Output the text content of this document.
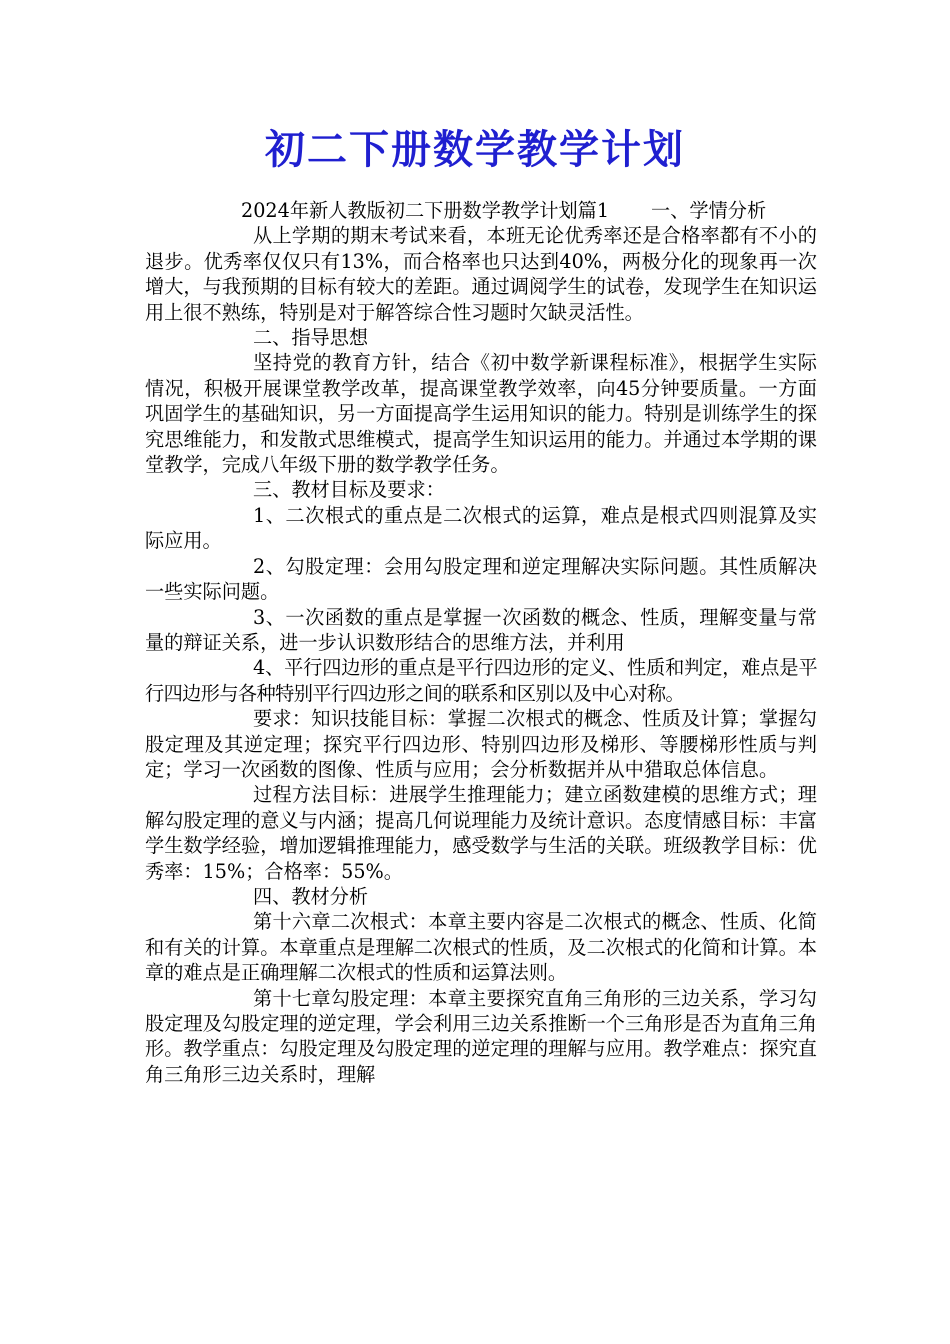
初二下册数学教学计划

2024年新人教版初二下册数学教学计划篇1 一、学情分析

从上学期的期末考试来看，本班无论优秀率还是合格率都有不小的退步。优秀率仅仅只有13%，而合格率也只达到40%，两极分化的现象再一次增大，与我预期的目标有较大的差距。通过调阅学生的试卷，发现学生在知识运用上很不熟练，特别是对于解答综合性习题时欠缺灵活性。

二、指导思想

坚持党的教育方针，结合《初中数学新课程标准》，根据学生实际情况，积极开展课堂教学改革，提高课堂教学效率，向45分钟要质量。一方面巩固学生的基础知识，另一方面提高学生运用知识的能力。特别是训练学生的探究思维能力，和发散式思维模式，提高学生知识运用的能力。并通过本学期的课堂教学，完成八年级下册的数学教学任务。

三、教材目标及要求：

1、二次根式的重点是二次根式的运算，难点是根式四则混算及实际应用。

2、勾股定理：会用勾股定理和逆定理解决实际问题。其性质解决一些实际问题。

3、一次函数的重点是掌握一次函数的概念、性质，理解变量与常量的辩证关系，进一步认识数形结合的思维方法，并利用

4、平行四边形的重点是平行四边形的定义、性质和判定，难点是平行四边形与各种特别平行四边形之间的联系和区别以及中心对称。

要求：知识技能目标：掌握二次根式的概念、性质及计算；掌握勾股定理及其逆定理；探究平行四边形、特别四边形及梯形、等腰梯形性质与判定；学习一次函数的图像、性质与应用；会分析数据并从中猎取总体信息。

过程方法目标：进展学生推理能力；建立函数建模的思维方式；理解勾股定理的意义与内涵；提高几何说理能力及统计意识。态度情感目标：丰富学生数学经验，增加逻辑推理能力，感受数学与生活的关联。班级教学目标：优秀率：15%；合格率：55%。

四、教材分析

第十六章二次根式：本章主要内容是二次根式的概念、性质、化简和有关的计算。本章重点是理解二次根式的性质，及二次根式的化简和计算。本章的难点是正确理解二次根式的性质和运算法则。

第十七章勾股定理：本章主要探究直角三角形的三边关系，学习勾股定理及勾股定理的逆定理，学会利用三边关系推断一个三角形是否为直角三角形。教学重点：勾股定理及勾股定理的逆定理的理解与应用。教学难点：探究直角三角形三边关系时，理解
